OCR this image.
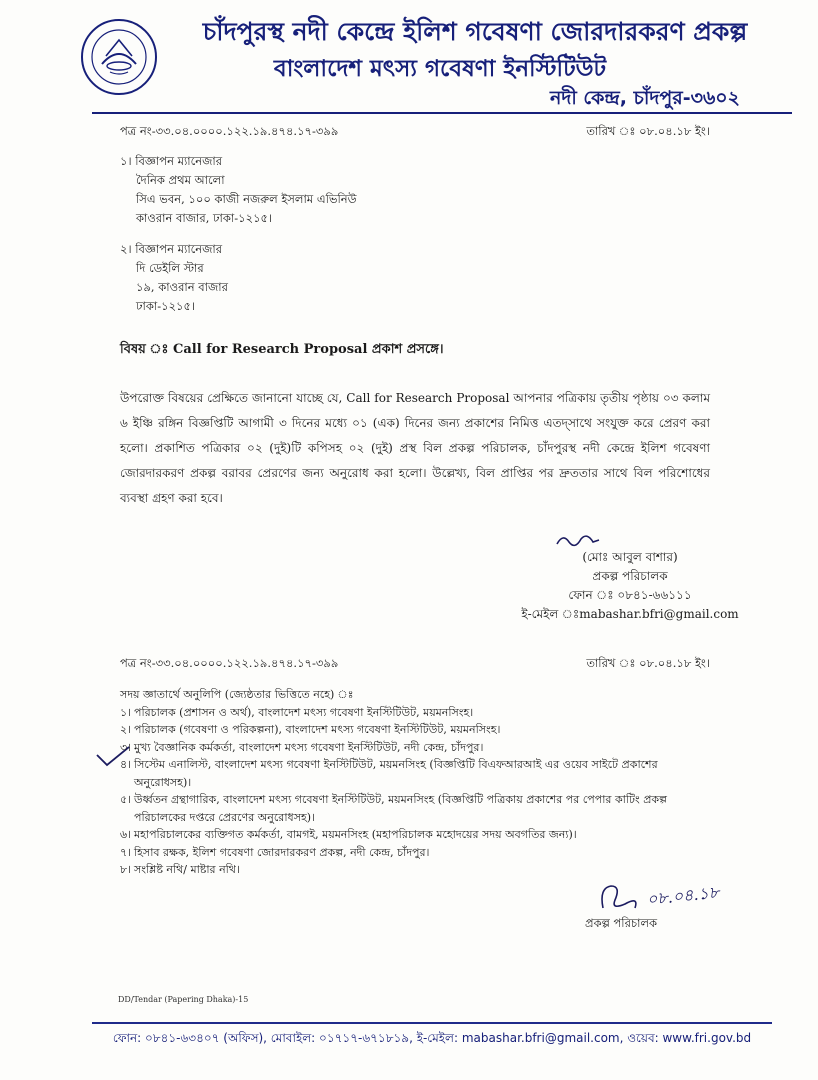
চাঁদপুরস্থ নদী কেন্দ্রে ইলিশ গবেষণা জোরদারকরণ প্রকল্প
বাংলাদেশ মৎস্য গবেষণা ইনস্টিটিউট
নদী কেন্দ্র, চাঁদপুর-৩৬০২
পত্র নং-৩৩.০৪.০০০০.১২২.১৯.৪৭৪.১৭-৩৯৯	তারিখ ঃ ০৮.০৪.১৮ ইং।
১। বিজ্ঞাপন ম্যানেজার
দৈনিক প্রথম আলো
সিএ ভবন, ১০০ কাজী নজরুল ইসলাম এভিনিউ
কাওরান বাজার, ঢাকা-১২১৫।
২। বিজ্ঞাপন ম্যানেজার
দি ডেইলি স্টার
১৯, কাওরান বাজার
ঢাকা-১২১৫।
বিষয় ঃ Call for Research Proposal প্রকাশ প্রসঙ্গে।
উপরোক্ত বিষয়ের প্রেক্ষিতে জানানো যাচ্ছে যে, Call for Research Proposal আপনার পত্রিকায় তৃতীয় পৃষ্ঠায় ০৩ কলাম ৬ ইঞ্চি রঙ্গিন বিজ্ঞপ্তিটি আগামী ৩ দিনের মধ্যে ০১ (এক) দিনের জন্য প্রকাশের নিমিত্ত এতদ্সাথে সংযুক্ত করে প্রেরণ করা হলো। প্রকাশিত পত্রিকার ০২ (দুই)টি কপিসহ ০২ (দুই) প্রস্থ বিল প্রকল্প পরিচালক, চাঁদপুরস্থ নদী কেন্দ্রে ইলিশ গবেষণা জোরদারকরণ প্রকল্প বরাবর প্রেরণের জন্য অনুরোধ করা হলো। উল্লেখ্য, বিল প্রাপ্তির পর দ্রুততার সাথে বিল পরিশোধের ব্যবস্থা গ্রহণ করা হবে।
(মোঃ আবুল বাশার)
প্রকল্প পরিচালক
ফোন ঃ ০৮৪১-৬৬১১১
ই-মেইল ঃmabashar.bfri@gmail.com
পত্র নং-৩৩.০৪.০০০০.১২২.১৯.৪৭৪.১৭-৩৯৯	তারিখ ঃ ০৮.০৪.১৮ ইং।
সদয় জ্ঞাতার্থে অনুলিপি (জ্যেষ্ঠতার ভিত্তিতে নহে) ঃ
১। পরিচালক (প্রশাসন ও অর্থ), বাংলাদেশ মৎস্য গবেষণা ইনস্টিটিউট, ময়মনসিংহ।
২। পরিচালক (গবেষণা ও পরিকল্পনা), বাংলাদেশ মৎস্য গবেষণা ইনস্টিটিউট, ময়মনসিংহ।
৩। মুখ্য বৈজ্ঞানিক কর্মকর্তা, বাংলাদেশ মৎস্য গবেষণা ইনস্টিটিউট, নদী কেন্দ্র, চাঁদপুর।
৪। সিস্টেম এনালিস্ট, বাংলাদেশ মৎস্য গবেষণা ইনস্টিটিউট, ময়মনসিংহ (বিজ্ঞপ্তিটি বিএফআরআই এর ওয়েব সাইটে প্রকাশের অনুরোধসহ)।
৫। উর্ধ্বতন গ্রন্থাগারিক, বাংলাদেশ মৎস্য গবেষণা ইনস্টিটিউট, ময়মনসিংহ (বিজ্ঞপ্তিটি পত্রিকায় প্রকাশের পর পেপার কাটিং প্রকল্প পরিচালকের দপ্তরে প্রেরণের অনুরোধসহ)।
৬। মহাপরিচালকের ব্যক্তিগত কর্মকর্তা, বামগই, ময়মনসিংহ (মহাপরিচালক মহোদয়ের সদয় অবগতির জন্য)।
৭। হিসাব রক্ষক, ইলিশ গবেষণা জোরদারকরণ প্রকল্প, নদী কেন্দ্র, চাঁদপুর।
৮। সংশ্লিষ্ট নথি/ মাষ্টার নথি।
০৮.০৪.১৮
প্রকল্প পরিচালক
DD/Tendar (Papering Dhaka)-15
ফোন: ০৮৪১-৬৩৪০৭ (অফিস), মোবাইল: ০১৭১৭-৬৭১৮১৯, ই-মেইল: mabashar.bfri@gmail.com, ওয়েব: www.fri.gov.bd
